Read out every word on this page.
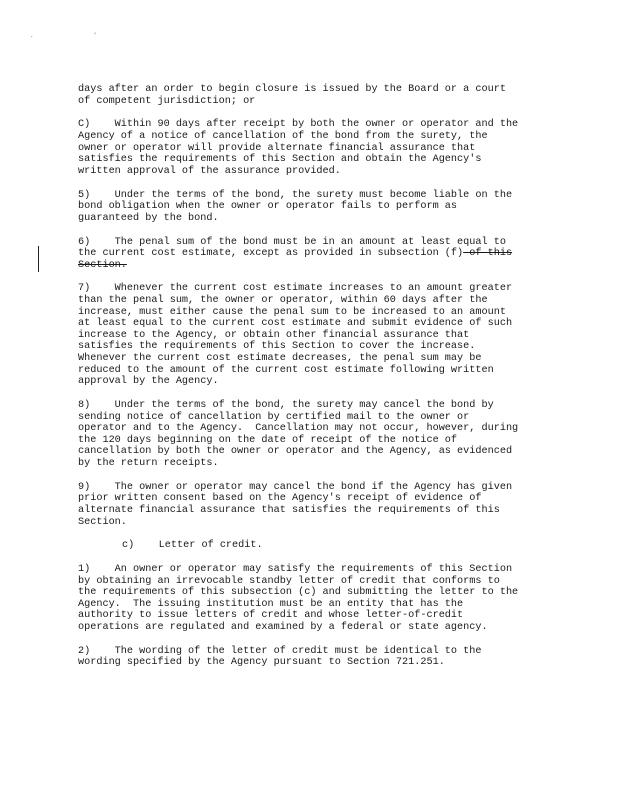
. '
days after an order to begin closure is issued by the Board or a court
of competent jurisdiction; or
C)    Within 90 days after receipt by both the owner or operator and the
Agency of a notice of cancellation of the bond from the surety, the
owner or operator will provide alternate financial assurance that
satisfies the requirements of this Section and obtain the Agency's
written approval of the assurance provided.
5)    Under the terms of the bond, the surety must become liable on the
bond obligation when the owner or operator fails to perform as
guaranteed by the bond.
6)    The penal sum of the bond must be in an amount at least equal to
the current cost estimate, except as provided in subsection (f) of this
Section.
7)    Whenever the current cost estimate increases to an amount greater
than the penal sum, the owner or operator, within 60 days after the
increase, must either cause the penal sum to be increased to an amount
at least equal to the current cost estimate and submit evidence of such
increase to the Agency, or obtain other financial assurance that
satisfies the requirements of this Section to cover the increase.
Whenever the current cost estimate decreases, the penal sum may be
reduced to the amount of the current cost estimate following written
approval by the Agency.
8)    Under the terms of the bond, the surety may cancel the bond by
sending notice of cancellation by certified mail to the owner or
operator and to the Agency.  Cancellation may not occur, however, during
the 120 days beginning on the date of receipt of the notice of
cancellation by both the owner or operator and the Agency, as evidenced
by the return receipts.
9)    The owner or operator may cancel the bond if the Agency has given
prior written consent based on the Agency's receipt of evidence of
alternate financial assurance that satisfies the requirements of this
Section.
c)    Letter of credit.
1)    An owner or operator may satisfy the requirements of this Section
by obtaining an irrevocable standby letter of credit that conforms to
the requirements of this subsection (c) and submitting the letter to the
Agency.  The issuing institution must be an entity that has the
authority to issue letters of credit and whose letter-of-credit
operations are regulated and examined by a federal or state agency.
2)    The wording of the letter of credit must be identical to the
wording specified by the Agency pursuant to Section 721.251.
